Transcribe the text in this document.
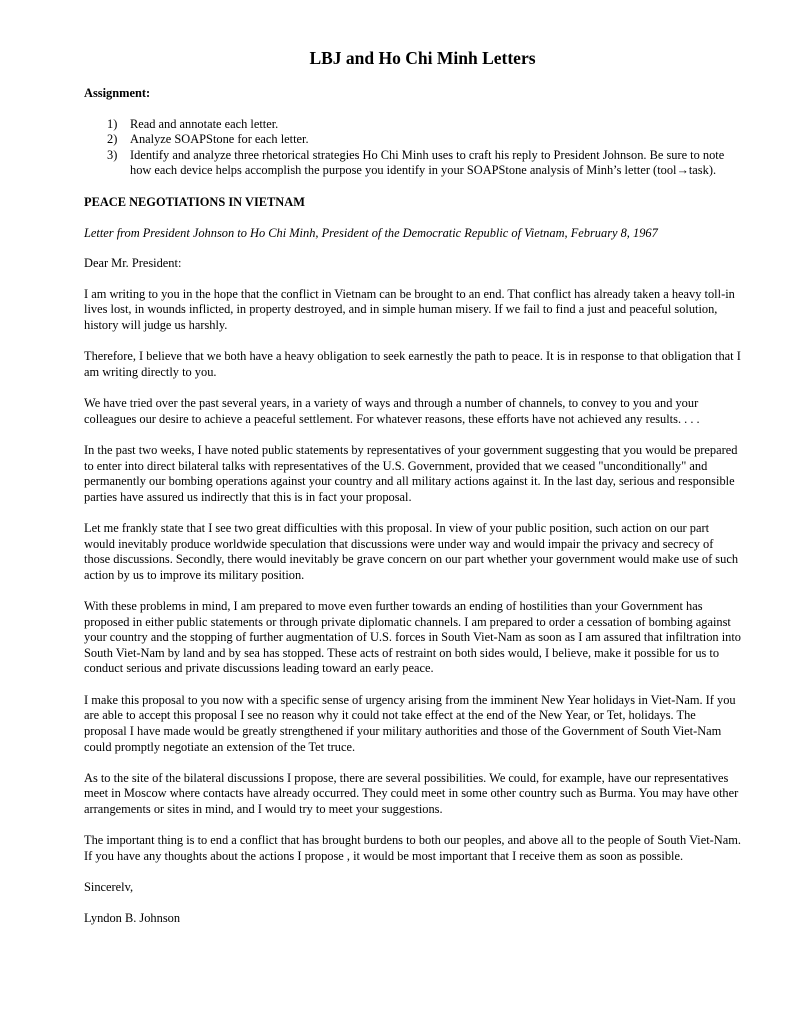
LBJ and Ho Chi Minh Letters
Assignment:
1) Read and annotate each letter.
2) Analyze SOAPStone for each letter.
3) Identify and analyze three rhetorical strategies Ho Chi Minh uses to craft his reply to President Johnson. Be sure to note how each device helps accomplish the purpose you identify in your SOAPStone analysis of Minh’s letter (tool→task).
PEACE NEGOTIATIONS IN VIETNAM
Letter from President Johnson to Ho Chi Minh, President of the Democratic Republic of Vietnam, February 8, 1967
Dear Mr. President:
I am writing to you in the hope that the conflict in Vietnam can be brought to an end. That conflict has already taken a heavy toll-in lives lost, in wounds inflicted, in property destroyed, and in simple human misery. If we fail to find a just and peaceful solution, history will judge us harshly.
Therefore, I believe that we both have a heavy obligation to seek earnestly the path to peace. It is in response to that obligation that I am writing directly to you.
We have tried over the past several years, in a variety of ways and through a number of channels, to convey to you and your colleagues our desire to achieve a peaceful settlement. For whatever reasons, these efforts have not achieved any results. . . .
In the past two weeks, I have noted public statements by representatives of your government suggesting that you would be prepared to enter into direct bilateral talks with representatives of the U.S. Government, provided that we ceased "unconditionally" and permanently our bombing operations against your country and all military actions against it. In the last day, serious and responsible parties have assured us indirectly that this is in fact your proposal.
Let me frankly state that I see two great difficulties with this proposal. In view of your public position, such action on our part would inevitably produce worldwide speculation that discussions were under way and would impair the privacy and secrecy of those discussions. Secondly, there would inevitably be grave concern on our part whether your government would make use of such action by us to improve its military position.
With these problems in mind, I am prepared to move even further towards an ending of hostilities than your Government has proposed in either public statements or through private diplomatic channels. I am prepared to order a cessation of bombing against your country and the stopping of further augmentation of U.S. forces in South Viet-Nam as soon as I am assured that infiltration into South Viet-Nam by land and by sea has stopped. These acts of restraint on both sides would, I believe, make it possible for us to conduct serious and private discussions leading toward an early peace.
I make this proposal to you now with a specific sense of urgency arising from the imminent New Year holidays in Viet-Nam. If you are able to accept this proposal I see no reason why it could not take effect at the end of the New Year, or Tet, holidays. The proposal I have made would be greatly strengthened if your military authorities and those of the Government of South Viet-Nam could promptly negotiate an extension of the Tet truce.
As to the site of the bilateral discussions I propose, there are several possibilities. We could, for example, have our representatives meet in Moscow where contacts have already occurred. They could meet in some other country such as Burma. You may have other arrangements or sites in mind, and I would try to meet your suggestions.
The important thing is to end a conflict that has brought burdens to both our peoples, and above all to the people of South Viet-Nam. If you have any thoughts about the actions I propose , it would be most important that I receive them as soon as possible.
Sincerelv,
Lyndon B. Johnson
